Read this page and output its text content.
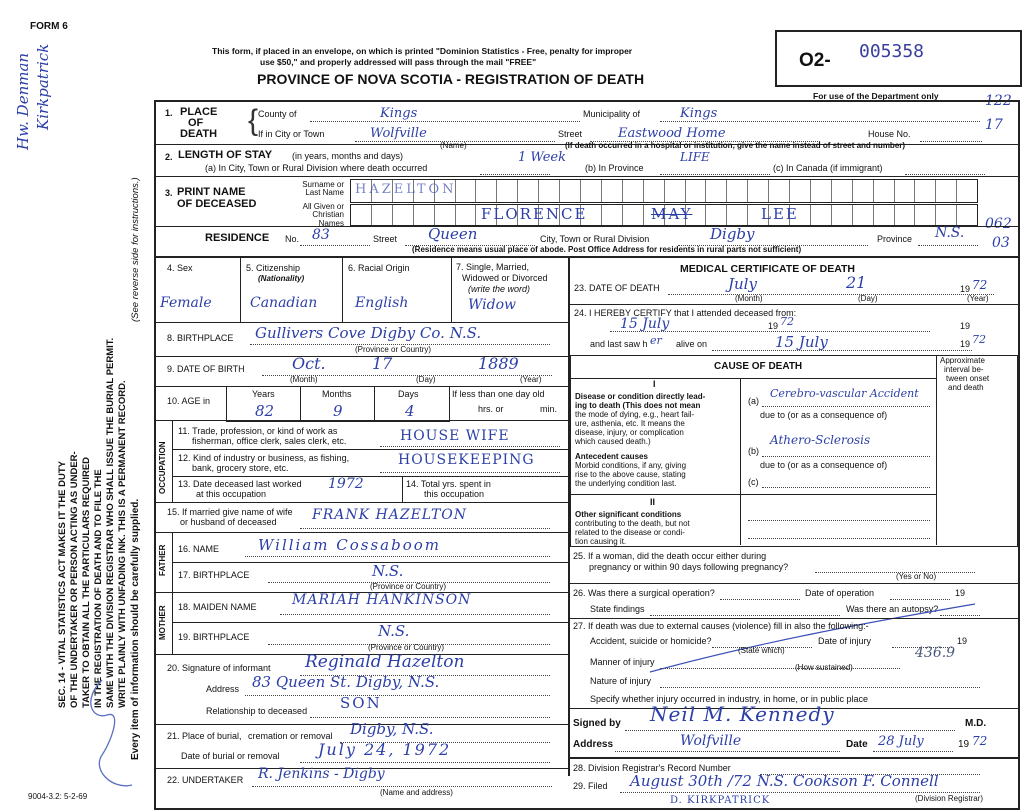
FORM 6
This form, if placed in an envelope, on which is printed "Dominion Statistics - Free, penalty for improper
use $50," and properly addressed will pass through the mail "FREE"
PROVINCE OF NOVA SCOTIA - REGISTRATION OF DEATH
O2- 005358
For use of the Department only	122
17
062
03
Hw. Denman Kirkpatrick
SEC. 14 - VITAL STATISTICS ACT MAKES IT THE DUTY OF THE UNDERTAKER OR PERSON ACTING AS UNDER- TAKER TO OBTAIN ALL THE PARTICULARS REQUIRED IN THE REGISTRATION OF DEATH AND TO FILE THE SAME WITH THE DIVISION REGISTRAR WHO SHALL ISSUE THE BURIAL PERMIT. WRITE PLAINLY WITH UNFADING INK. THIS IS A PERMANENT RECORD.
(See reverse side for instructions.)
Every item of information should be carefully supplied.
9004-3.2: 5-2-69
1. PLACE
OF
DEATH { County of	Kings	Municipality of	Kings
If in City or Town	Wolfville
(Name)
Street	Eastwood Home	House No.
(If death occurred in a hospital or institution, give the name instead of street and number)
2. LENGTH OF STAY (in years, months and days)
(a) In City, Town or Rural Division where death occurred
1 Week
(b) In Province
LIFE
(c) In Canada (if immigrant)
3. PRINT NAME
OF DECEASED
Surname or Last Name
All Given or Christian Names
HAZELTON
FLORENCE	MAY	LEE
RESIDENCE No. 83	Street Queen	City, Town or Rural Division	Digby	Province N.S.
(Residence means usual place of abode. Post Office Address for residents in rural parts not sufficient)
4. Sex
Female
5. Citizenship
(Nationality)
Canadian
6. Racial Origin
English
7. Single, Married,
Widowed or Divorced
(write the word)
Widow
8. BIRTHPLACE Gullivers Cove Digby Co. N.S.
(Province or Country)
9. DATE OF BIRTH	Oct.	17	1889
(Month)	(Day)	(Year)
10. AGE in
Years
82
Months
9
Days
4
If less than one day old
hrs. or	min.
OCCUPATION
11. Trade, profession, or kind of work as
fisherman, office clerk, sales clerk, etc.	HOUSE WIFE
12. Kind of industry or business, as fishing,
bank, grocery store, etc.	HOUSEKEEPING
13. Date deceased last worked
at this occupation
1972	14. Total yrs. spent in
this occupation
15. If married give name of wife
or husband of deceased	FRANK HAZELTON
FATHER 16. NAME	William Cossaboom
17. BIRTHPLACE	N.S.
(Province or Country)
MOTHER 18. MAIDEN NAME	MARIAH HANKINSON
19. BIRTHPLACE	N.S.
(Province or Country)
20. Signature of informant Reginald Hazelton
Address 83 Queen St. Digby, N.S.
Relationship to deceased SON
21. Place of burial, cremation or removal Digby, N.S.
Date of burial or removal July 24, 1972
22. UNDERTAKER R. Jenkins - Digby
(Name and address)
MEDICAL CERTIFICATE OF DEATH
23. DATE OF DEATH	July	21	19 72
(Month)	(Day)	(Year)
24. I HEREBY CERTIFY that I attended deceased from:
15 July	19 72	19
and last saw h er alive on	15 July	19 72
CAUSE OF DEATH
Approximate
interval be-
tween onset
and death
I
Disease or condition directly lead-
ing to death (This does not mean
the mode of dying, e.g., heart fail-
ure, asthenia, etc. It means the
disease, injury, or complication
which caused death.)
(a)
Cerebro-vascular Accident
due to (or as a consequence of)
Antecedent causes
Morbid conditions, if any, giving
rise to the above cause, stating
the underlying condition last.
(b)
Athero-Sclerosis
due to (or as a consequence of)
(c)
II
Other significant conditions
contributing to the death, but not
related to the disease or condi-
tion causing it.
25. If a woman, did the death occur either during
pregnancy or within 90 days following pregnancy?
(Yes or No)
26. Was there a surgical operation?	Date of operation	19
State findings	Was there an autopsy?
27. If death was due to external causes (violence) fill in also the following:-
Accident, suicide or homicide?	Date of injury	19
(State which)
Manner of injury
436.9
(How sustained)
Nature of injury
Specify whether injury occurred in industry, in home, or in public place
Signed by Neil M. Kennedy	M.D.
Address	Wolfville	Date 28 July	19 72
28. Division Registrar's Record Number
29. Filed August 30th /72 N.S. Cookson F. Connell
D. KIRKPATRICK	(Division Registrar)
